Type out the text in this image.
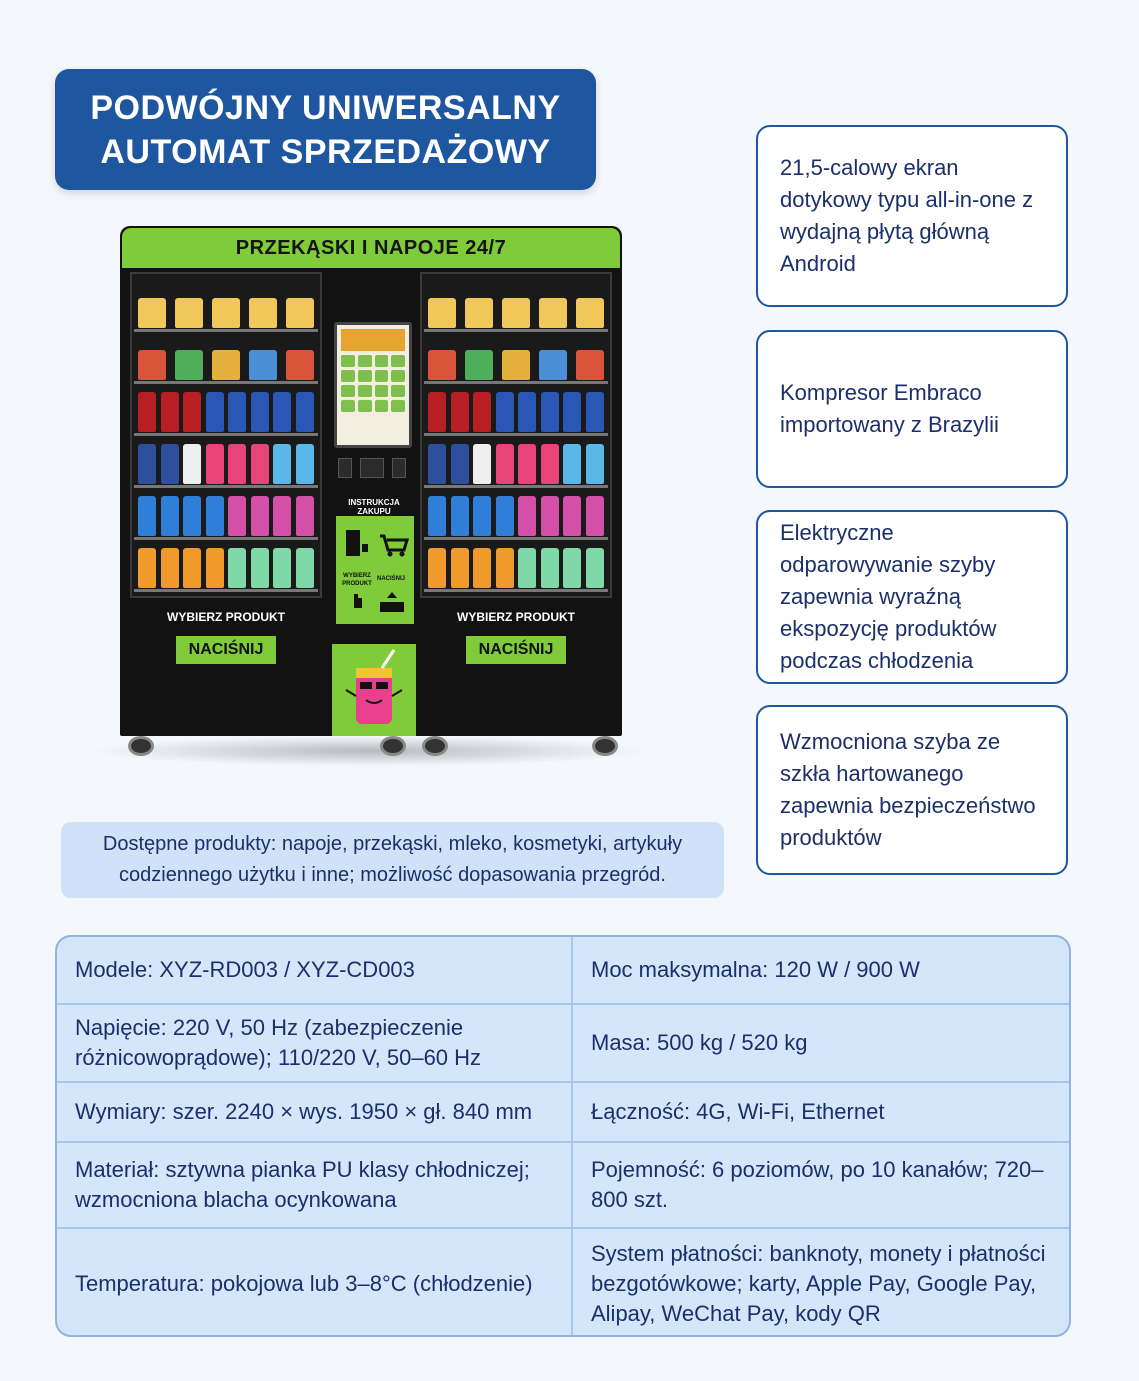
PODWÓJNY UNIWERSALNY
AUTOMAT SPRZEDAŻOWY
PRZEKĄSKI I NAPOJE 24/7
WYBIERZ PRODUKT
NACIŚNIJ
WYBIERZ PRODUKT
NACIŚNIJ
INSTRUKCJA ZAKUPU
WYBIERZ PRODUKT
NACIŚNIJ
21,5-calowy ekran dotykowy typu all-in-one z wydajną płytą główną Android
Kompresor Embraco importowany z Brazylii
Elektryczne odparowywanie szyby zapewnia wyraźną ekspozycję produktów podczas chłodzenia
Wzmocniona szyba ze szkła hartowanego zapewnia bezpieczeństwo produktów
Dostępne produkty: napoje, przekąski, mleko, kosmetyki, artykuły codziennego użytku i inne; możliwość dopasowania przegród.
Modele: XYZ-RD003 / XYZ-CD003	Moc maksymalna: 120 W / 900 W
Napięcie: 220 V, 50 Hz (zabezpieczenie różnicowoprądowe); 110/220 V, 50–60 Hz
Masa: 500 kg / 520 kg
Wymiary: szer. 2240 × wys. 1950 × gł. 840 mm	Łączność: 4G, Wi-Fi, Ethernet
Materiał: sztywna pianka PU klasy chłodniczej; wzmocniona blacha ocynkowana
Pojemność: 6 poziomów, po 10 kanałów; 720–800 szt.
Temperatura: pokojowa lub 3–8°C (chłodzenie)
System płatności: banknoty, monety i płatności bezgotówkowe; karty, Apple Pay, Google Pay, Alipay, WeChat Pay, kody QR
